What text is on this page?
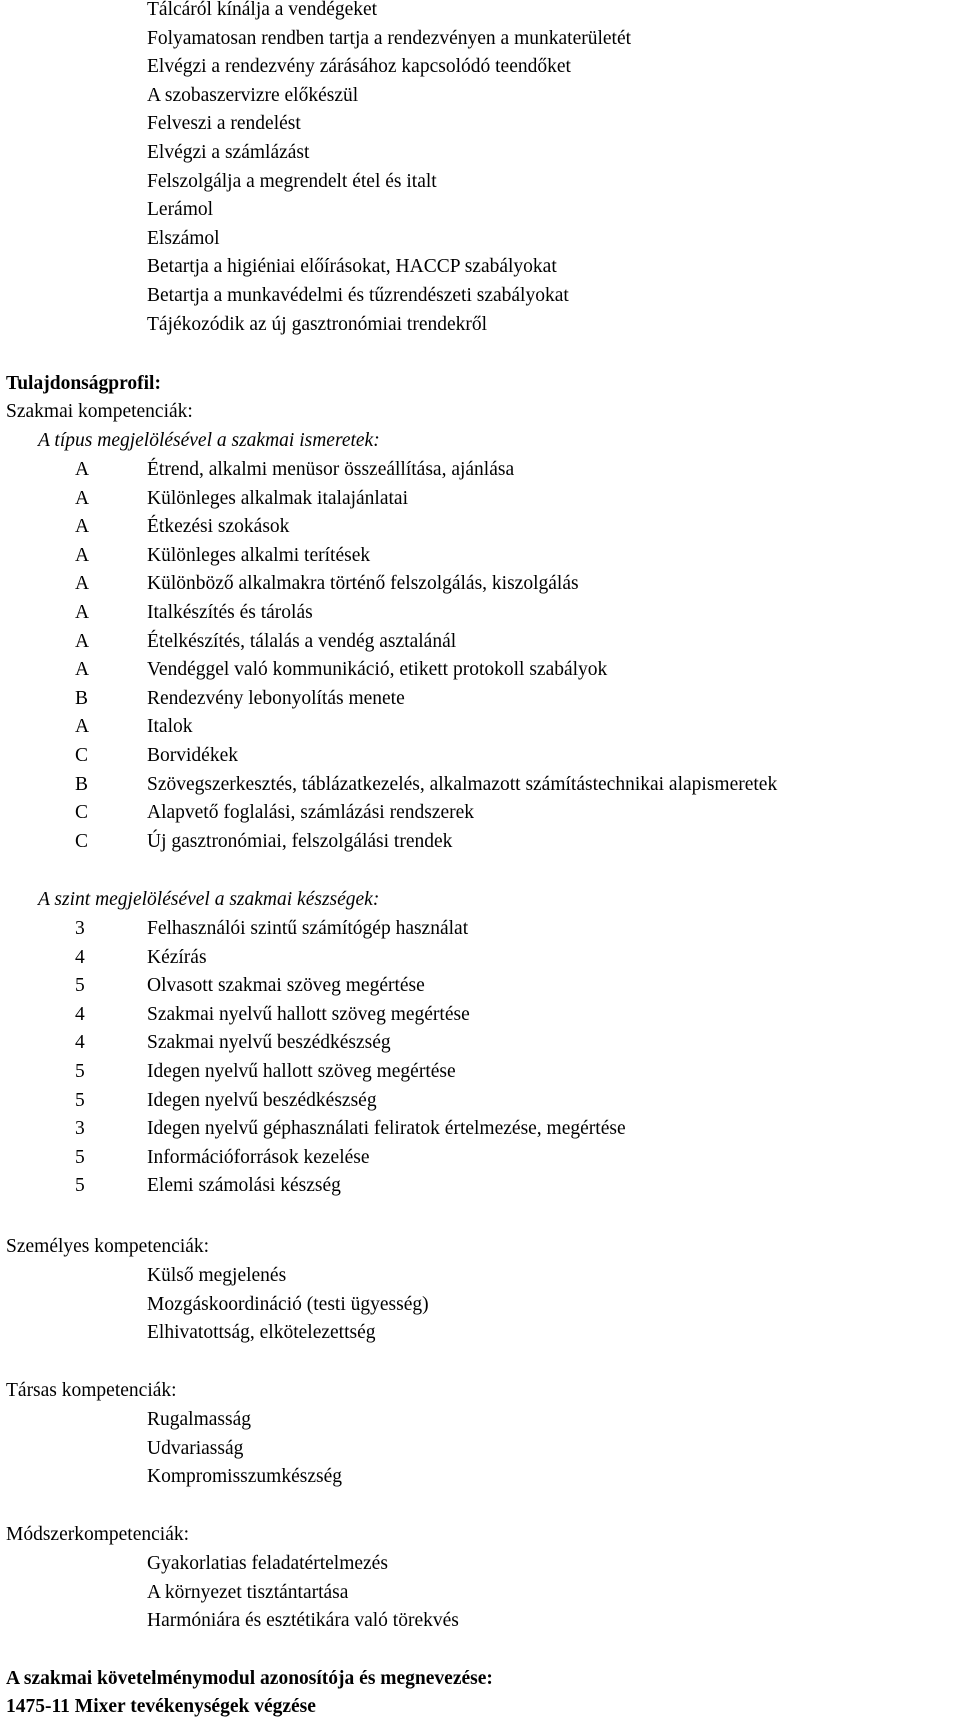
Tálcáról kínálja a vendégeket
Folyamatosan rendben tartja a rendezvényen a munkaterületét
Elvégzi a rendezvény zárásához kapcsolódó teendőket
A szobaszervizre előkészül
Felveszi a rendelést
Elvégzi a számlázást
Felszolgálja a megrendelt étel és italt
Lerámol
Elszámol
Betartja a higiéniai előírásokat, HACCP szabályokat
Betartja a munkavédelmi és tűzrendészeti szabályokat
Tájékozódik az új gasztronómiai trendekről
Tulajdonságprofil:
Szakmai kompetenciák:
A típus megjelölésével a szakmai ismeretek:
A	Étrend, alkalmi menüsor összeállítása, ajánlása
A	Különleges alkalmak italajánlatai
A	Étkezési szokások
A	Különleges alkalmi terítések
A	Különböző alkalmakra történő felszolgálás, kiszolgálás
A	Italkészítés és tárolás
A	Ételkészítés, tálalás a vendég asztalánál
A	Vendéggel való kommunikáció, etikett protokoll szabályok
B	Rendezvény lebonyolítás menete
A	Italok
C	Borvidékek
B	Szövegszerkesztés, táblázatkezelés, alkalmazott számítástechnikai alapismeretek
C	Alapvető foglalási, számlázási rendszerek
C	Új gasztronómiai, felszolgálási trendek
A szint megjelölésével a szakmai készségek:
3	Felhasználói szintű számítógép használat
4	Kézírás
5	Olvasott szakmai szöveg megértése
4	Szakmai nyelvű hallott szöveg megértése
4	Szakmai nyelvű beszédkészség
5	Idegen nyelvű hallott szöveg megértése
5	Idegen nyelvű beszédkészség
3	Idegen nyelvű géphasználati feliratok értelmezése, megértése
5	Információforrások kezelése
5	Elemi számolási készség
Személyes kompetenciák:
Külső megjelenés
Mozgáskoordináció (testi ügyesség)
Elhivatottság, elkötelezettség
Társas kompetenciák:
Rugalmasság
Udvariasság
Kompromisszumkészség
Módszerkompetenciák:
Gyakorlatias feladatértelmezés
A környezet tisztántartása
Harmóniára és esztétikára való törekvés
A szakmai követelménymodul azonosítója és megnevezése:
1475-11 Mixer tevékenységek végzése
